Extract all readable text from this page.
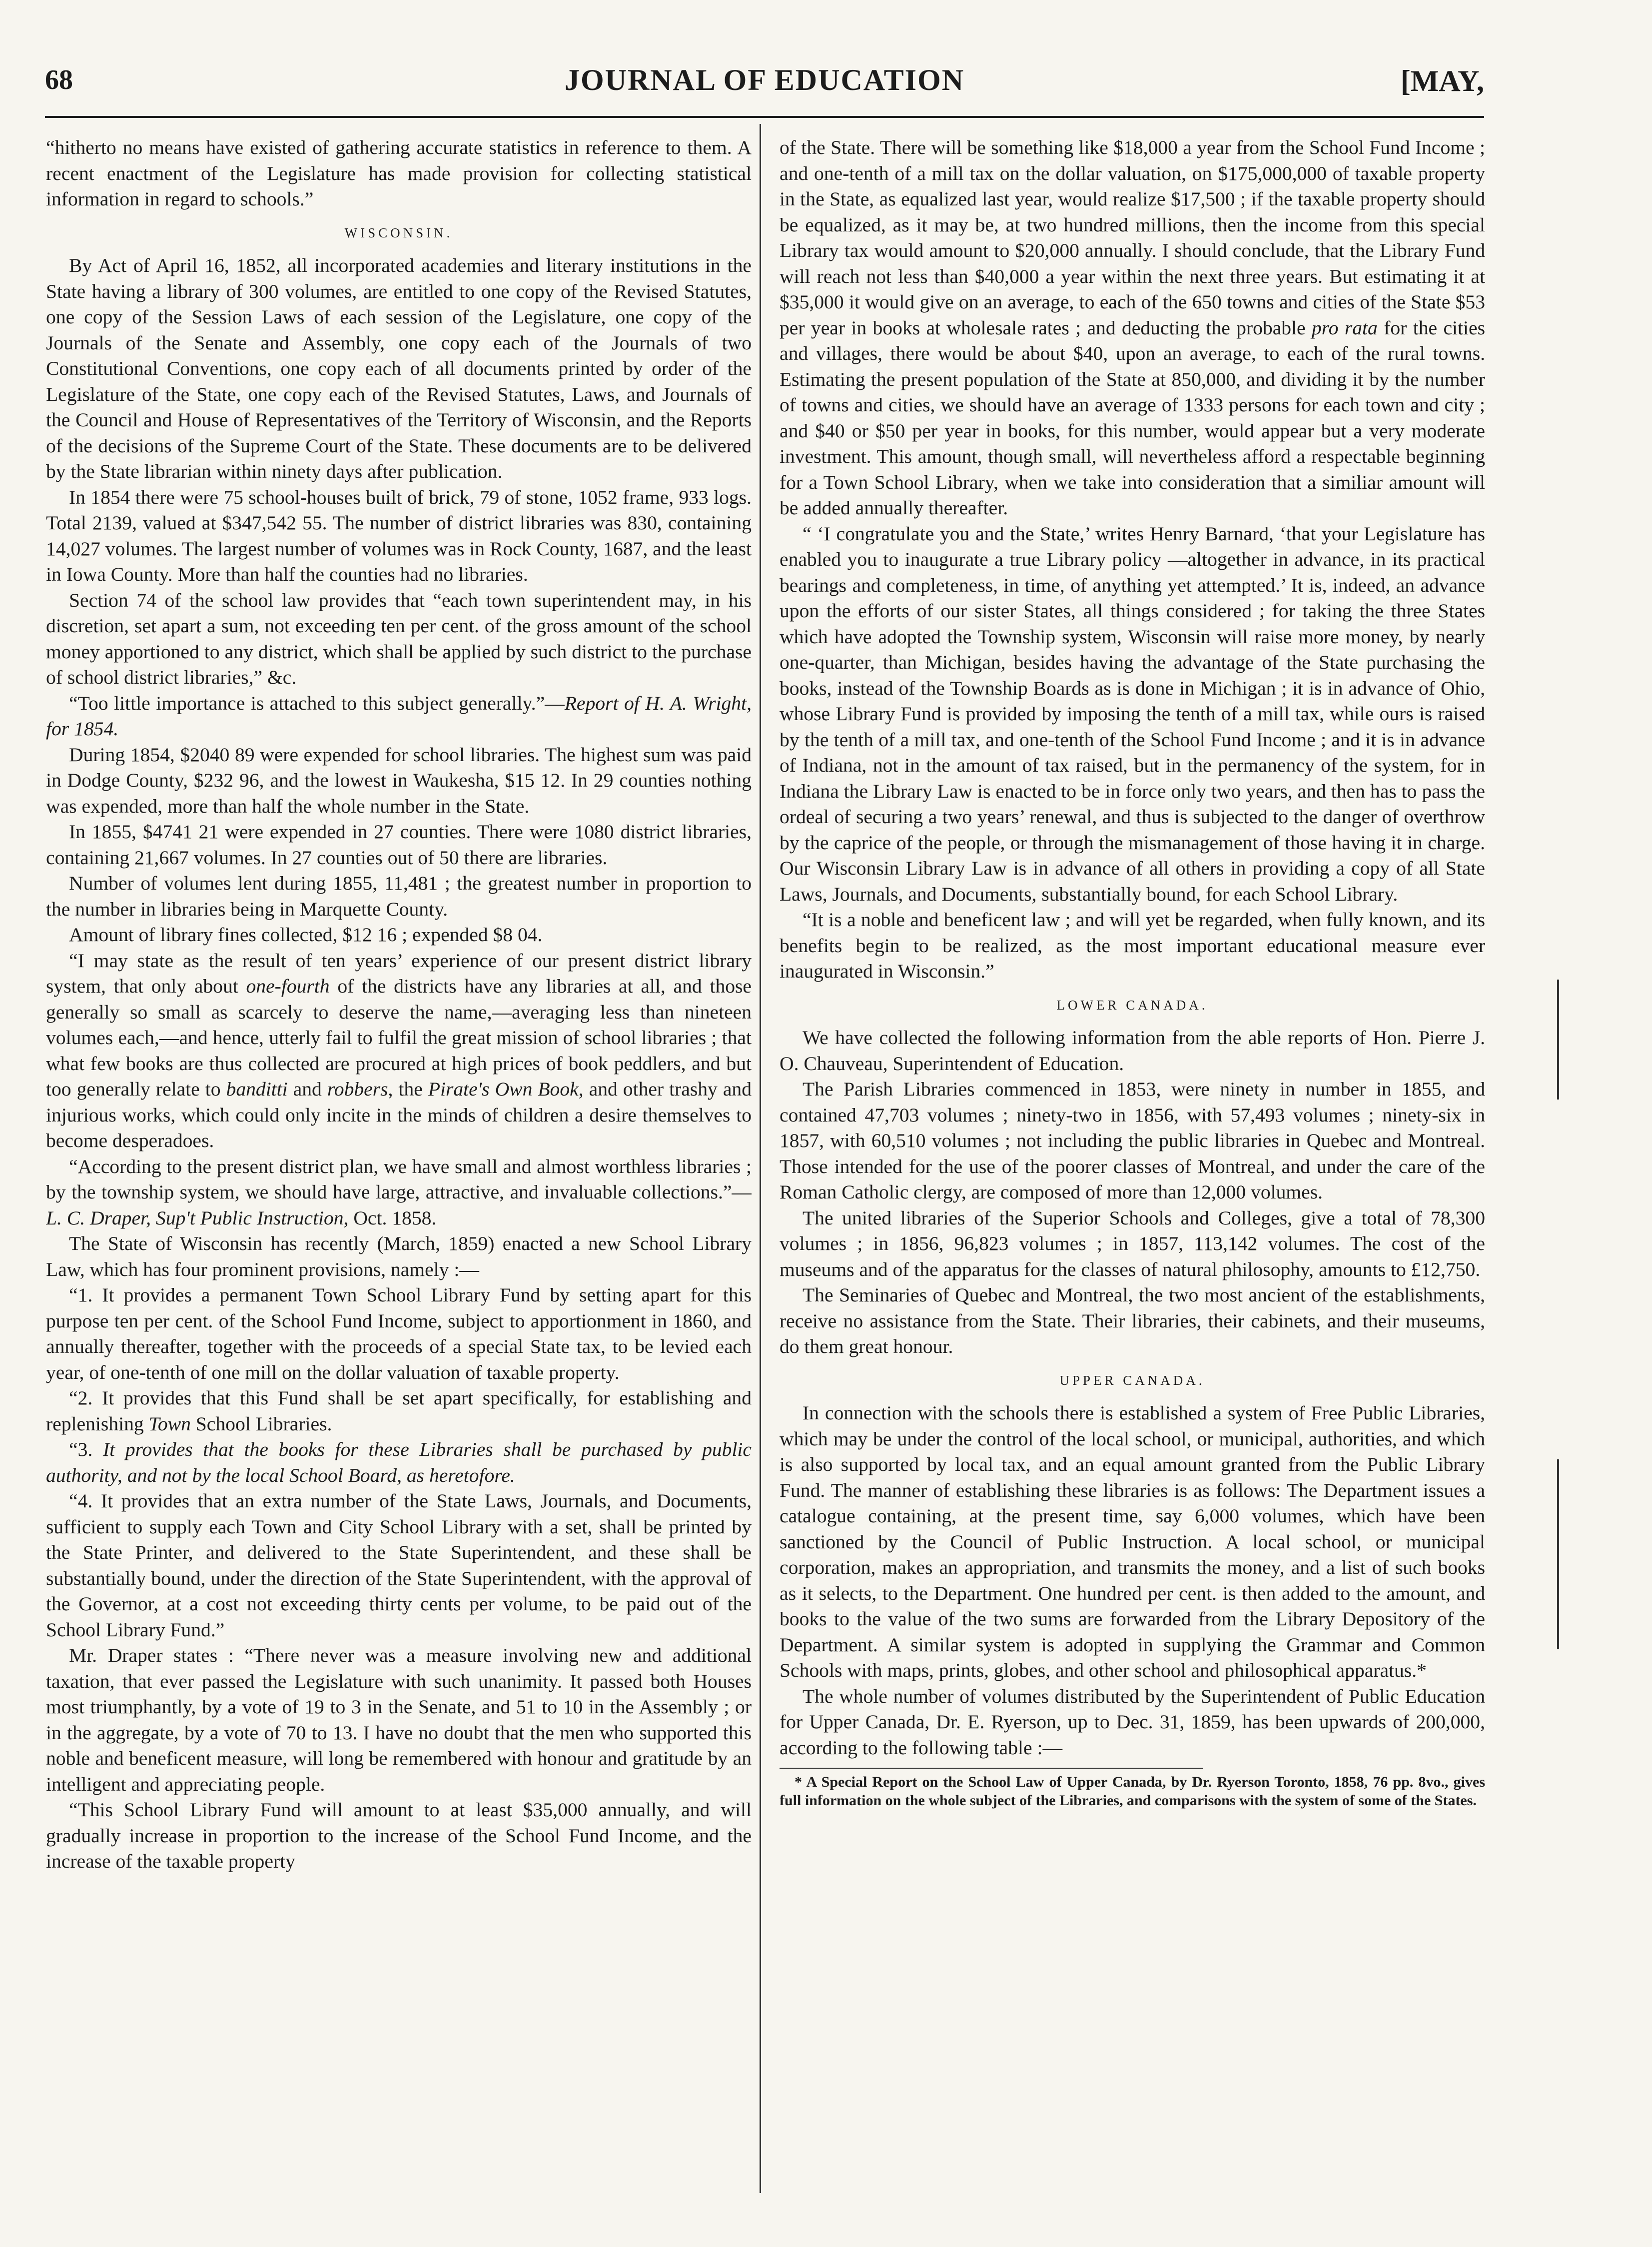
68	JOURNAL OF EDUCATION	[MAY,

“hitherto no means have existed of gathering accurate statistics in reference to them. A recent enactment of the Legislature has made provision for collecting statistical information in regard to schools.”

WISCONSIN.

By Act of April 16, 1852, all incorporated academies and literary institutions in the State having a library of 300 volumes, are entitled to one copy of the Revised Statutes, one copy of the Session Laws of each session of the Legislature, one copy of the Journals of the Senate and Assembly, one copy each of the Journals of two Constitutional Conventions, one copy each of all documents printed by order of the Legislature of the State, one copy each of the Revised Statutes, Laws, and Journals of the Council and House of Representatives of the Territory of Wisconsin, and the Reports of the decisions of the Supreme Court of the State. These documents are to be delivered by the State librarian within ninety days after publication.

In 1854 there were 75 school-houses built of brick, 79 of stone, 1052 frame, 933 logs. Total 2139, valued at $347,542 55. The number of district libraries was 830, containing 14,027 volumes. The largest number of volumes was in Rock County, 1687, and the least in Iowa County. More than half the counties had no libraries.

Section 74 of the school law provides that “each town superintendent may, in his discretion, set apart a sum, not exceeding ten per cent. of the gross amount of the school money apportioned to any district, which shall be applied by such district to the purchase of school district libraries,” &c.

“Too little importance is attached to this subject generally.”—Report of H. A. Wright, for 1854.

During 1854, $2040 89 were expended for school libraries. The highest sum was paid in Dodge County, $232 96, and the lowest in Waukesha, $15 12. In 29 counties nothing was expended, more than half the whole number in the State.

In 1855, $4741 21 were expended in 27 counties. There were 1080 district libraries, containing 21,667 volumes. In 27 counties out of 50 there are libraries.

Number of volumes lent during 1855, 11,481 ; the greatest number in proportion to the number in libraries being in Marquette County.

Amount of library fines collected, $12 16 ; expended $8 04.

“I may state as the result of ten years’ experience of our present district library system, that only about one-fourth of the districts have any libraries at all, and those generally so small as scarcely to deserve the name,—averaging less than nineteen volumes each,—and hence, utterly fail to fulfil the great mission of school libraries ; that what few books are thus collected are procured at high prices of book peddlers, and but too generally relate to banditti and robbers, the Pirate's Own Book, and other trashy and injurious works, which could only incite in the minds of children a desire themselves to become desperadoes.

“According to the present district plan, we have small and almost worthless libraries ; by the township system, we should have large, attractive, and invaluable collections.”—L. C. Draper, Sup't Public Instruction, Oct. 1858.

The State of Wisconsin has recently (March, 1859) enacted a new School Library Law, which has four prominent provisions, namely :—

“1. It provides a permanent Town School Library Fund by setting apart for this purpose ten per cent. of the School Fund Income, subject to apportionment in 1860, and annually thereafter, together with the proceeds of a special State tax, to be levied each year, of one-tenth of one mill on the dollar valuation of taxable property.

“2. It provides that this Fund shall be set apart specifically, for establishing and replenishing Town School Libraries.

“3. It provides that the books for these Libraries shall be purchased by public authority, and not by the local School Board, as heretofore.

“4. It provides that an extra number of the State Laws, Journals, and Documents, sufficient to supply each Town and City School Library with a set, shall be printed by the State Printer, and delivered to the State Superintendent, and these shall be substantially bound, under the direction of the State Superintendent, with the approval of the Governor, at a cost not exceeding thirty cents per volume, to be paid out of the School Library Fund.”

Mr. Draper states : “There never was a measure involving new and additional taxation, that ever passed the Legislature with such unanimity. It passed both Houses most triumphantly, by a vote of 19 to 3 in the Senate, and 51 to 10 in the Assembly ; or in the aggregate, by a vote of 70 to 13. I have no doubt that the men who supported this noble and beneficent measure, will long be remembered with honour and gratitude by an intelligent and appreciating people.

“This School Library Fund will amount to at least $35,000 annually, and will gradually increase in proportion to the increase of the School Fund Income, and the increase of the taxable property

of the State. There will be something like $18,000 a year from the School Fund Income ; and one-tenth of a mill tax on the dollar valuation, on $175,000,000 of taxable property in the State, as equalized last year, would realize $17,500 ; if the taxable property should be equalized, as it may be, at two hundred millions, then the income from this special Library tax would amount to $20,000 annually. I should conclude, that the Library Fund will reach not less than $40,000 a year within the next three years. But estimating it at $35,000 it would give on an average, to each of the 650 towns and cities of the State $53 per year in books at wholesale rates ; and deducting the probable pro rata for the cities and villages, there would be about $40, upon an average, to each of the rural towns. Estimating the present population of the State at 850,000, and dividing it by the number of towns and cities, we should have an average of 1333 persons for each town and city ; and $40 or $50 per year in books, for this number, would appear but a very moderate investment. This amount, though small, will nevertheless afford a respectable beginning for a Town School Library, when we take into consideration that a similiar amount will be added annually thereafter.

“ ‘I congratulate you and the State,’ writes Henry Barnard, ‘that your Legislature has enabled you to inaugurate a true Library policy —altogether in advance, in its practical bearings and completeness, in time, of anything yet attempted.’ It is, indeed, an advance upon the efforts of our sister States, all things considered ; for taking the three States which have adopted the Township system, Wisconsin will raise more money, by nearly one-quarter, than Michigan, besides having the advantage of the State purchasing the books, instead of the Township Boards as is done in Michigan ; it is in advance of Ohio, whose Library Fund is provided by imposing the tenth of a mill tax, while ours is raised by the tenth of a mill tax, and one-tenth of the School Fund Income ; and it is in advance of Indiana, not in the amount of tax raised, but in the permanency of the system, for in Indiana the Library Law is enacted to be in force only two years, and then has to pass the ordeal of securing a two years’ renewal, and thus is subjected to the danger of overthrow by the caprice of the people, or through the mismanagement of those having it in charge. Our Wisconsin Library Law is in advance of all others in providing a copy of all State Laws, Journals, and Documents, substantially bound, for each School Library.

“It is a noble and beneficent law ; and will yet be regarded, when fully known, and its benefits begin to be realized, as the most important educational measure ever inaugurated in Wisconsin.”

LOWER CANADA.

We have collected the following information from the able reports of Hon. Pierre J. O. Chauveau, Superintendent of Education.

The Parish Libraries commenced in 1853, were ninety in number in 1855, and contained 47,703 volumes ; ninety-two in 1856, with 57,493 volumes ; ninety-six in 1857, with 60,510 volumes ; not including the public libraries in Quebec and Montreal. Those intended for the use of the poorer classes of Montreal, and under the care of the Roman Catholic clergy, are composed of more than 12,000 volumes.

The united libraries of the Superior Schools and Colleges, give a total of 78,300 volumes ; in 1856, 96,823 volumes ; in 1857, 113,142 volumes. The cost of the museums and of the apparatus for the classes of natural philosophy, amounts to £12,750.

The Seminaries of Quebec and Montreal, the two most ancient of the establishments, receive no assistance from the State. Their libraries, their cabinets, and their museums, do them great honour.

UPPER CANADA.

In connection with the schools there is established a system of Free Public Libraries, which may be under the control of the local school, or municipal, authorities, and which is also supported by local tax, and an equal amount granted from the Public Library Fund. The manner of establishing these libraries is as follows: The Department issues a catalogue containing, at the present time, say 6,000 volumes, which have been sanctioned by the Council of Public Instruction. A local school, or municipal corporation, makes an appropriation, and transmits the money, and a list of such books as it selects, to the Department. One hundred per cent. is then added to the amount, and books to the value of the two sums are forwarded from the Library Depository of the Department. A similar system is adopted in supplying the Grammar and Common Schools with maps, prints, globes, and other school and philosophical apparatus.*

The whole number of volumes distributed by the Superintendent of Public Education for Upper Canada, Dr. E. Ryerson, up to Dec. 31, 1859, has been upwards of 200,000, according to the following table :—

* A Special Report on the School Law of Upper Canada, by Dr. Ryerson Toronto, 1858, 76 pp. 8vo., gives full information on the whole subject of the Libraries, and comparisons with the system of some of the States.
